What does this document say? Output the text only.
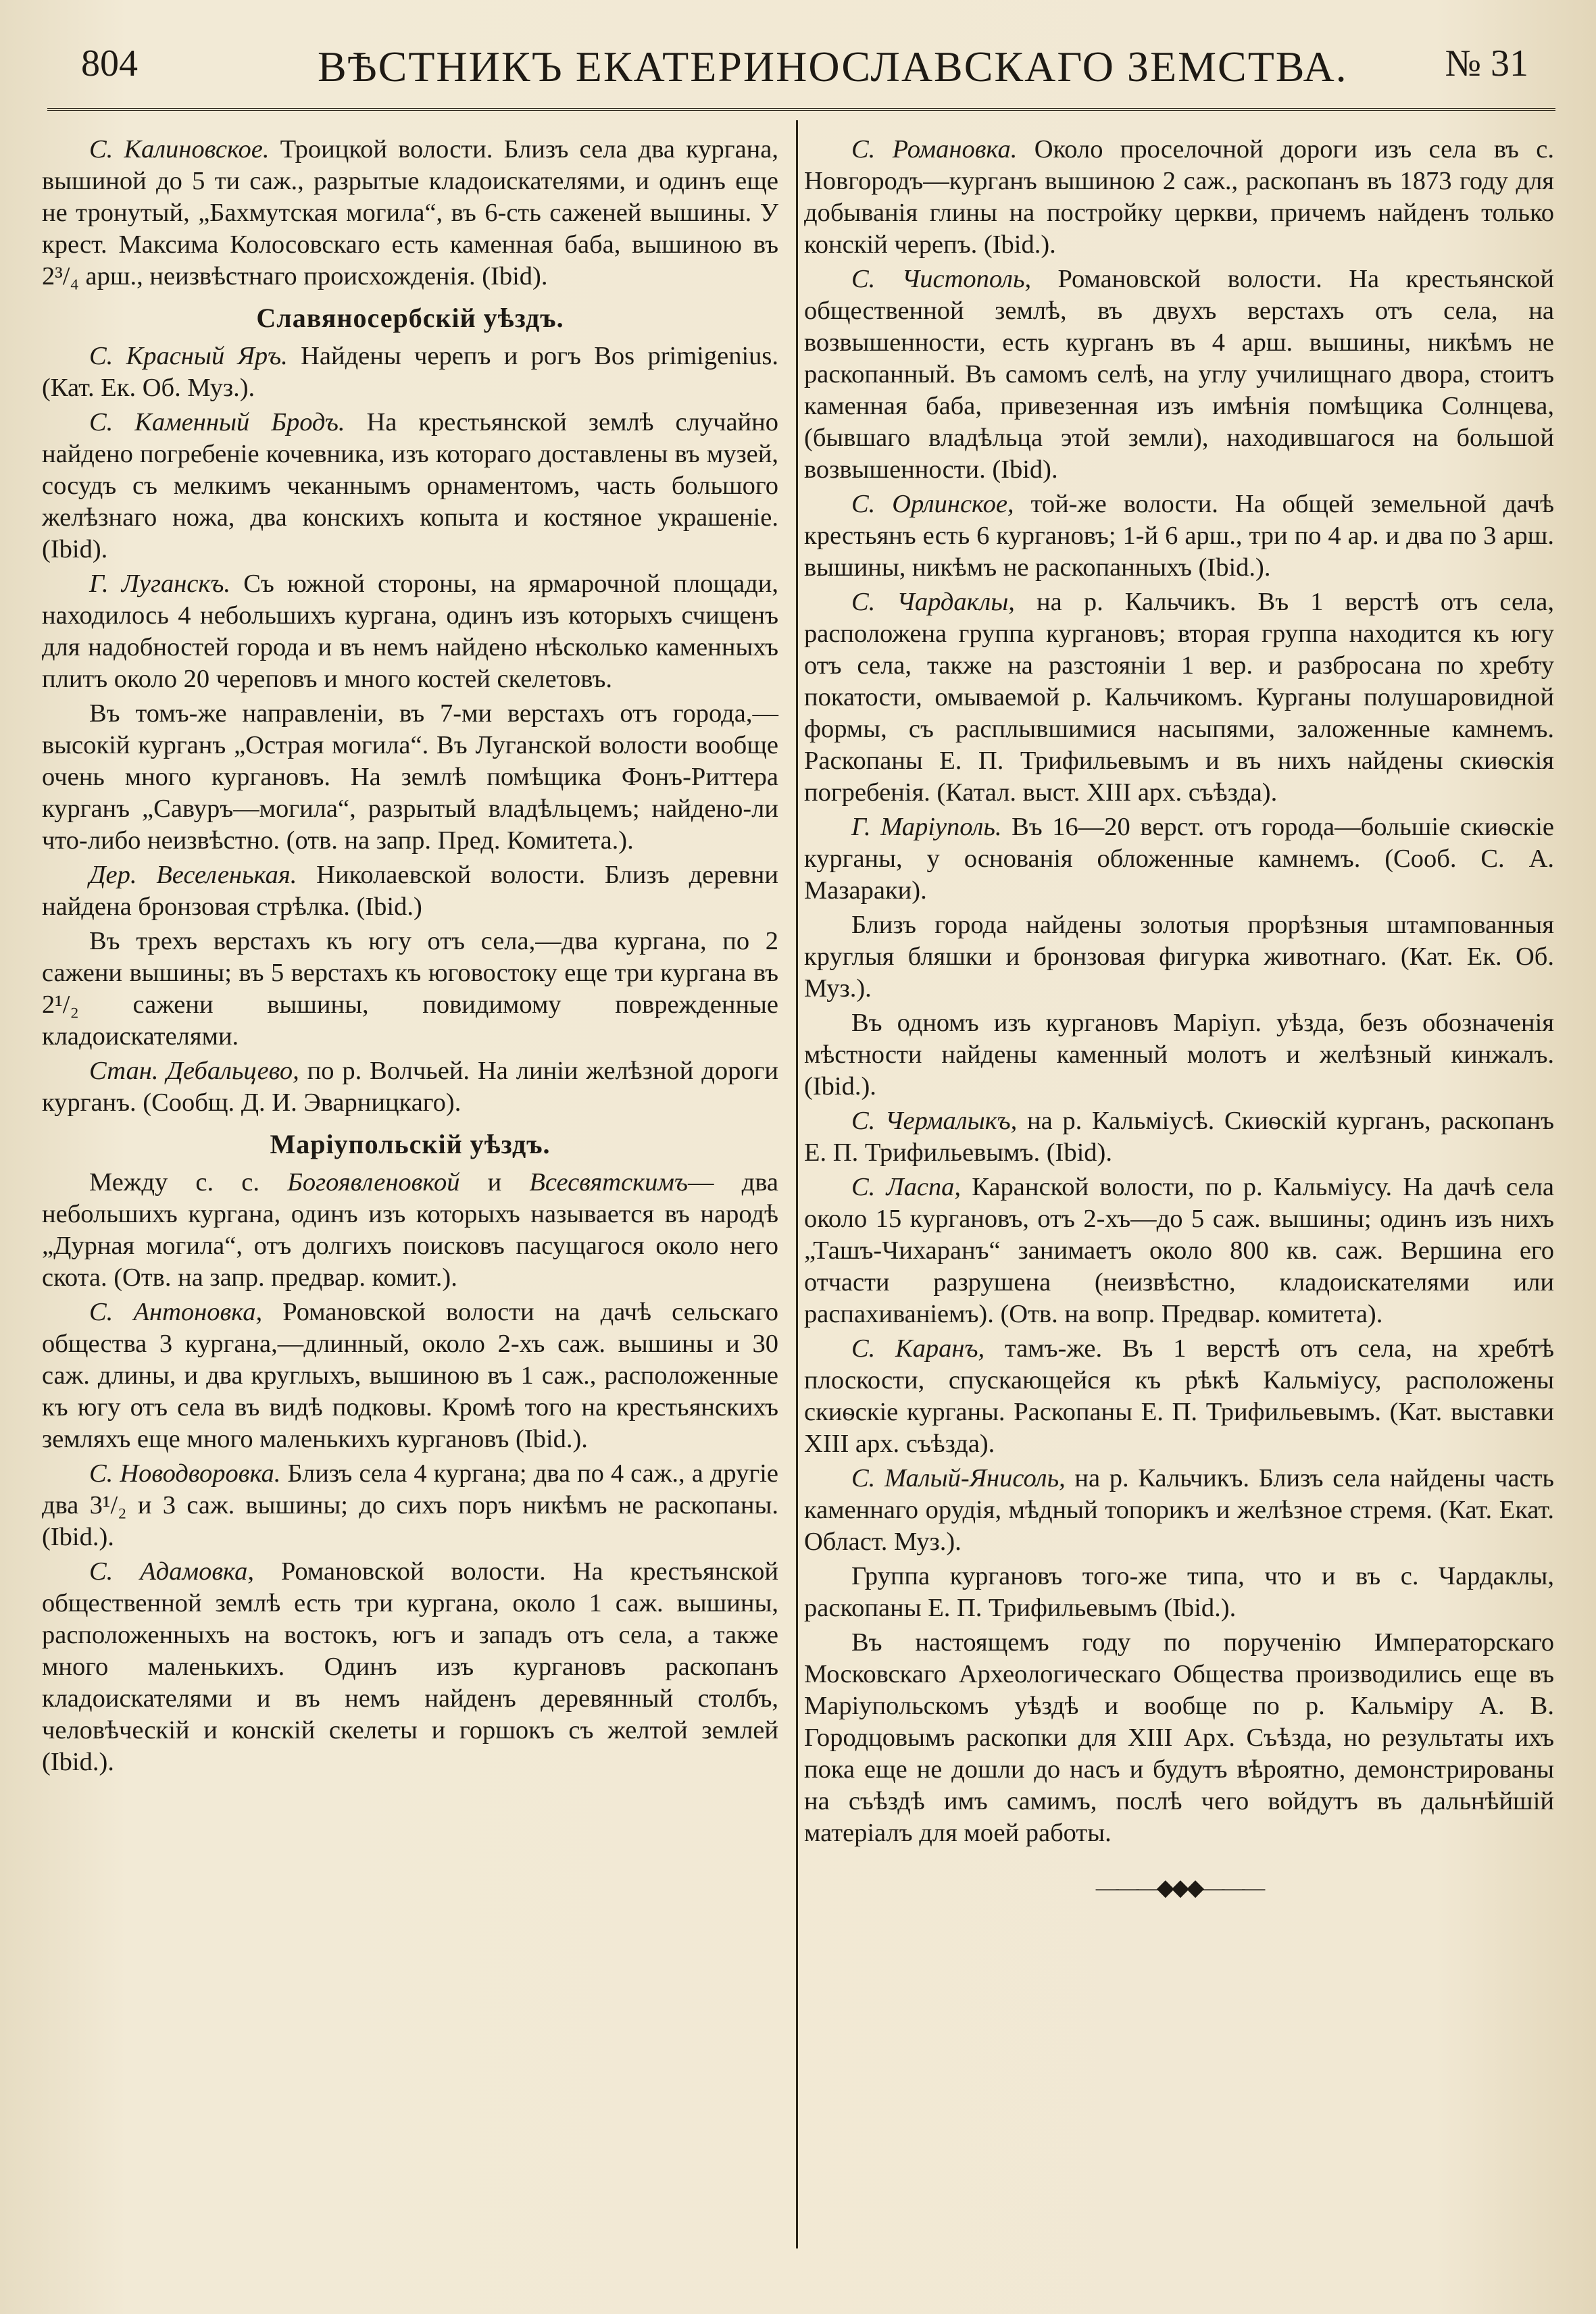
804	ВѢСТНИКЪ ЕКАТЕРИНОСЛАВСКАГО ЗЕМСТВА.	№ 31

С. Калиновское. Троицкой волости. Близъ села два кургана, вышиной до 5 ти саж., разрытые кладоискателями, и одинъ еще не тронутый, „Бахмутская могила“, въ 6-сть саженей вышины. У крест. Максима Колосовскаго есть каменная баба, вышиною въ 2³/₄ арш., неизвѣстнаго происхожденія. (Ibid).

Славяносербскій уѣздъ.

С. Красный Яръ. Найдены черепъ и рогъ Bos primigenius. (Кат. Ек. Об. Муз.).

С. Каменный Бродъ. На крестьянской землѣ случайно найдено погребеніе кочевника, изъ котораго доставлены въ музей, сосудъ съ мелкимъ чеканнымъ орнаментомъ, часть большого желѣзнаго ножа, два конскихъ копыта и костяное украшеніе. (Ibid).

Г. Луганскъ. Съ южной стороны, на ярмарочной площади, находилось 4 небольшихъ кургана, одинъ изъ которыхъ счищенъ для надобностей города и въ немъ найдено нѣсколько каменныхъ плитъ около 20 череповъ и много костей скелетовъ.

Въ томъ-же направленіи, въ 7-ми верстахъ отъ города,—высокій курганъ „Острая могила“. Въ Луганской волости вообще очень много кургановъ. На землѣ помѣщика Фонъ-Риттера курганъ „Савуръ—могила“, разрытый владѣльцемъ; найдено-ли что-либо неизвѣстно. (отв. на запр. Пред. Комитета.).

Дер. Веселенькая. Николаевской волости. Близъ деревни найдена бронзовая стрѣлка. (Ibid.)

Въ трехъ верстахъ къ югу отъ села,—два кургана, по 2 сажени вышины; въ 5 верстахъ къ юговостоку еще три кургана въ 2¹/₂ сажени вышины, повидимому поврежденные кладоискателями.

Стан. Дебальцево, по р. Волчьей. На линіи желѣзной дороги курганъ. (Сообщ. Д. И. Эварницкаго).

Маріупольскій уѣздъ.

Между с. с. Богоявленовкой и Всесвятскимъ— два небольшихъ кургана, одинъ изъ которыхъ называется въ народѣ „Дурная могила“, отъ долгихъ поисковъ пасущагося около него скота. (Отв. на запр. предвар. комит.).

С. Антоновка, Романовской волости на дачѣ сельскаго общества 3 кургана,—длинный, около 2-хъ саж. вышины и 30 саж. длины, и два круглыхъ, вышиною въ 1 саж., расположенные къ югу отъ села въ видѣ подковы. Кромѣ того на крестьянскихъ земляхъ еще много маленькихъ кургановъ (Ibid.).

С. Новодворовка. Близъ села 4 кургана; два по 4 саж., а другіе два 3¹/₂ и 3 саж. вышины; до сихъ поръ никѣмъ не раскопаны. (Ibid.).

С. Адамовка, Романовской волости. На крестьянской общественной землѣ есть три кургана, около 1 саж. вышины, расположенныхъ на востокъ, югъ и западъ отъ села, а также много маленькихъ. Одинъ изъ кургановъ раскопанъ кладоискателями и въ немъ найденъ деревянный столбъ, человѣческій и конскій скелеты и горшокъ съ желтой землей (Ibid.).

С. Романовка. Около проселочной дороги изъ села въ с. Новгородъ—курганъ вышиною 2 саж., раскопанъ въ 1873 году для добыванія глины на постройку церкви, причемъ найденъ только конскій черепъ. (Ibid.).

С. Чистополь, Романовской волости. На крестьянской общественной землѣ, въ двухъ верстахъ отъ села, на возвышенности, есть курганъ въ 4 арш. вышины, никѣмъ не раскопанный. Въ самомъ селѣ, на углу училищнаго двора, стоитъ каменная баба, привезенная изъ имѣнія помѣщика Солнцева, (бывшаго владѣльца этой земли), находившагося на большой возвышенности. (Ibid).

С. Орлинское, той-же волости. На общей земельной дачѣ крестьянъ есть 6 кургановъ; 1-й 6 арш., три по 4 ар. и два по 3 арш. вышины, никѣмъ не раскопанныхъ (Ibid.).

С. Чардаклы, на р. Кальчикъ. Въ 1 верстѣ отъ села, расположена группа кургановъ; вторая группа находится къ югу отъ села, также на разстояніи 1 вер. и разбросана по хребту покатости, омываемой р. Кальчикомъ. Курганы полушаровидной формы, съ расплывшимися насыпями, заложенные камнемъ. Раскопаны Е. П. Трифильевымъ и въ нихъ найдены скиѳскія погребенія. (Катал. выст. XIII арх. съѣзда).

Г. Маріуполь. Въ 16—20 верст. отъ города—большіе скиѳскіе курганы, у основанія обложенные камнемъ. (Сооб. С. А. Мазараки).

Близъ города найдены золотыя прорѣзныя штампованныя круглыя бляшки и бронзовая фигурка животнаго. (Кат. Ек. Об. Муз.).

Въ одномъ изъ кургановъ Маріуп. уѣзда, безъ обозначенія мѣстности найдены каменный молотъ и желѣзный кинжалъ. (Ibid.).

С. Чермалыкъ, на р. Кальміусѣ. Скиѳскій курганъ, раскопанъ Е. П. Трифильевымъ. (Ibid).

С. Ласпа, Каранской волости, по р. Кальміусу. На дачѣ села около 15 кургановъ, отъ 2-хъ—до 5 саж. вышины; одинъ изъ нихъ „Ташъ-Чихаранъ“ занимаетъ около 800 кв. саж. Вершина его отчасти разрушена (неизвѣстно, кладоискателями или распахиваніемъ). (Отв. на вопр. Предвар. комитета).

С. Каранъ, тамъ-же. Въ 1 верстѣ отъ села, на хребтѣ плоскости, спускающейся къ рѣкѣ Кальміусу, расположены скиѳскіе курганы. Раскопаны Е. П. Трифильевымъ. (Кат. выставки XIII арх. съѣзда).

С. Малый-Янисоль, на р. Кальчикъ. Близъ села найдены часть каменнаго орудія, мѣдный топорикъ и желѣзное стремя. (Кат. Екат. Област. Муз.).

Группа кургановъ того-же типа, что и въ с. Чардаклы, раскопаны Е. П. Трифильевымъ (Ibid.).

Въ настоящемъ году по порученію Императорскаго Московскаго Археологическаго Общества производились еще въ Маріупольскомъ уѣздѣ и вообще по р. Кальміру А. В. Городцовымъ раскопки для XIII Арх. Съѣзда, но результаты ихъ пока еще не дошли до насъ и будутъ вѣроятно, демонстрированы на съѣздѣ имъ самимъ, послѣ чего войдутъ въ дальнѣйшій матеріалъ для моей работы.

———◆◆◆———
